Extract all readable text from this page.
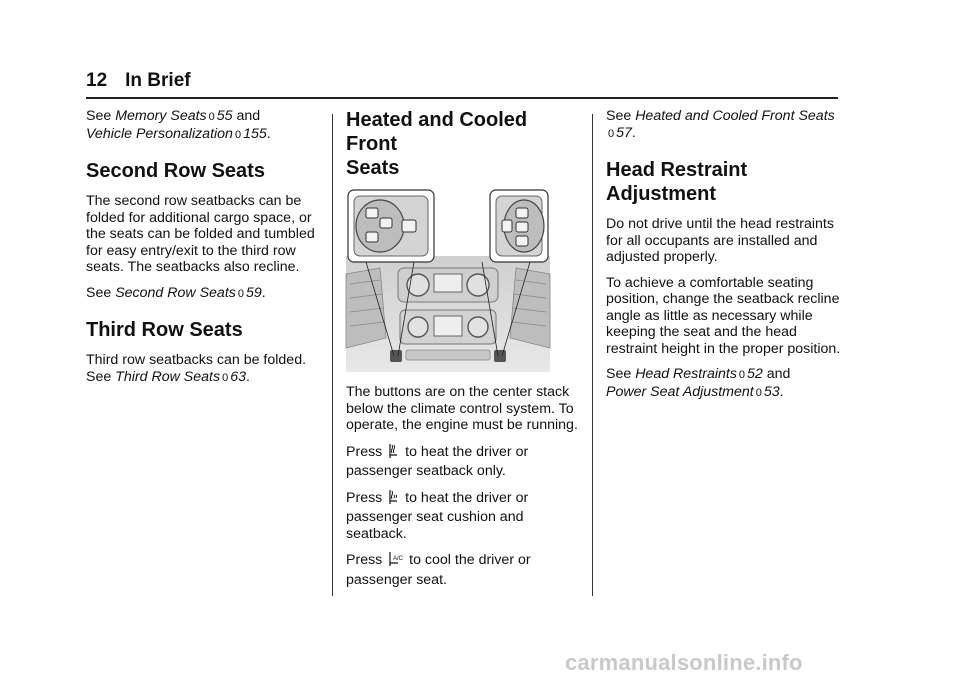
12 In Brief

See Memory Seats 0 55 and
Vehicle Personalization 0 155.

Second Row Seats

The second row seatbacks can be folded for additional cargo space, or the seats can be folded and tumbled for easy entry/exit to the third row seats. The seatbacks also recline.

See Second Row Seats 0 59.

Third Row Seats

Third row seatbacks can be folded.
See Third Row Seats 0 63.

Heated and Cooled Front
Seats

The buttons are on the center stack below the climate control system. To operate, the engine must be running.

Press  to heat the driver or
passenger seatback only.

Press  to heat the driver or
passenger seat cushion and seatback.

Press A/C to cool the driver or
passenger seat.

See Heated and Cooled Front Seats
0 57.

Head Restraint
Adjustment

Do not drive until the head restraints for all occupants are installed and adjusted properly.

To achieve a comfortable seating position, change the seatback recline angle as little as necessary while keeping the seat and the head restraint height in the proper position.

See Head Restraints 0 52 and
Power Seat Adjustment 0 53.

carmanualsonline.info
